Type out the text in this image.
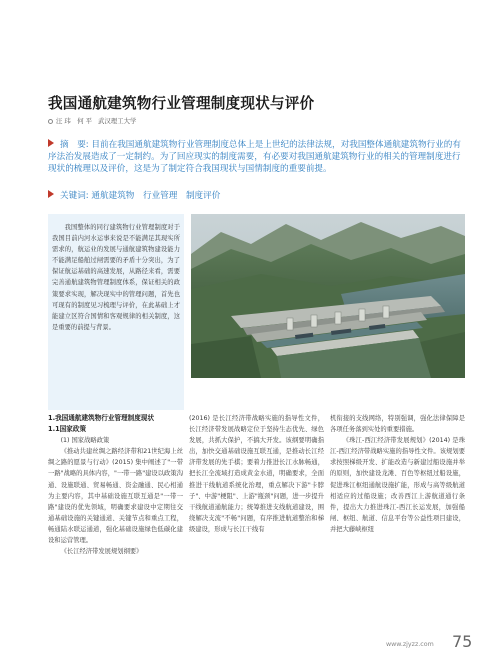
我国通航建筑物行业管理制度现状与评价
汪 玮　何 平 武汉理工大学
摘　要: 目前在我国通航建筑物行业管理制度总体上是上世纪的法律法规，对我国整体通航建筑物行业的有序法治发展造成了一定制约。为了回应现实的制度需要，有必要对我国通航建筑物行业的相关的管理制度进行现状的梳理以及评价，这是为了制定符合我国现状与国情制度的重要前提。
关键词: 通航建筑物　行业管理　制度评价

我国整体的同行建筑物行业管理制度对于我国目前内河水运事来说是不能满足其现实所需求的，航运业的发展与通航建筑物建设能力不能满足船舶过闸需要的矛盾十分突出，为了保证航运基础的高速发展，从路径来看，需要完善通航建筑物管理制度体系，保证相关的政策要求实现，解决现实中的管理问题，首先也可现有的制度见习梳理与评价，在此基础上才能建立区符合国情和客观规律的相关制度，这是重要的前提与背景。

1.我国通航建筑物行业管理制度现状

1.1国家政策

(1) 国家战略政策

《推动共建丝绸之路经济带和21世纪海上丝绸之路的愿景与行动》(2015) 集中阐述了"一带一路"战略的具体内容，"一带一路"建设以政策沟通、设施联通、贸易畅通、资金融通、民心相通为主要内容，其中基础设施互联互通是"一带一路"建设的优先领域，明确要求建设中定期往交通基础设施的关键通道、关键节点和重点工程，畅通陆水联运通道，强化基础设施绿色低碳化建设和运营管理。

《长江经济带发展规划纲要》

(2016) 是长江经济带战略实施的指导性文件，长江经济带发展战略定位于坚持生态优先、绿色发展，共抓大保护，不搞大开发。该纲要明确指出，加快交通基础设施互联互通，是推动长江经济带发展的先手棋；要着力推进长江水脉畅通，把长江全流域打造成黄金水道，明确要求，全面推进干线航道系统化治理，重点解决下游"卡脖子"、中游"梗阻"、上游"瓶颈"问题，进一步提升干线航道通航能力；统筹推进支线航道建设，围绕解决支流"不畅"问题，有序推进航道整治和梯级建设，形成与长江干线有

机衔接的支线网络，特别强调，强化法律保障是各项任务落到实处的重要措施。

《珠江-西江经济带发展规划》(2014) 是珠江-西江经济带战略实施的指导性文件。该规划要求按照梯级开发、扩能改造与新建过船设施并举的原则，加快建设龙滩、百色等枢纽过船设施，促进珠江枢纽通航设施扩能，形成与高等级航道相适应的过船设施；改善西江上游航道通行条件，提出大力推进珠江-西江长运发展，加强船闸、枢纽、航道、信息平台等公益性项目建设，并把大藤峡枢纽

www.zjyzz.com 75
